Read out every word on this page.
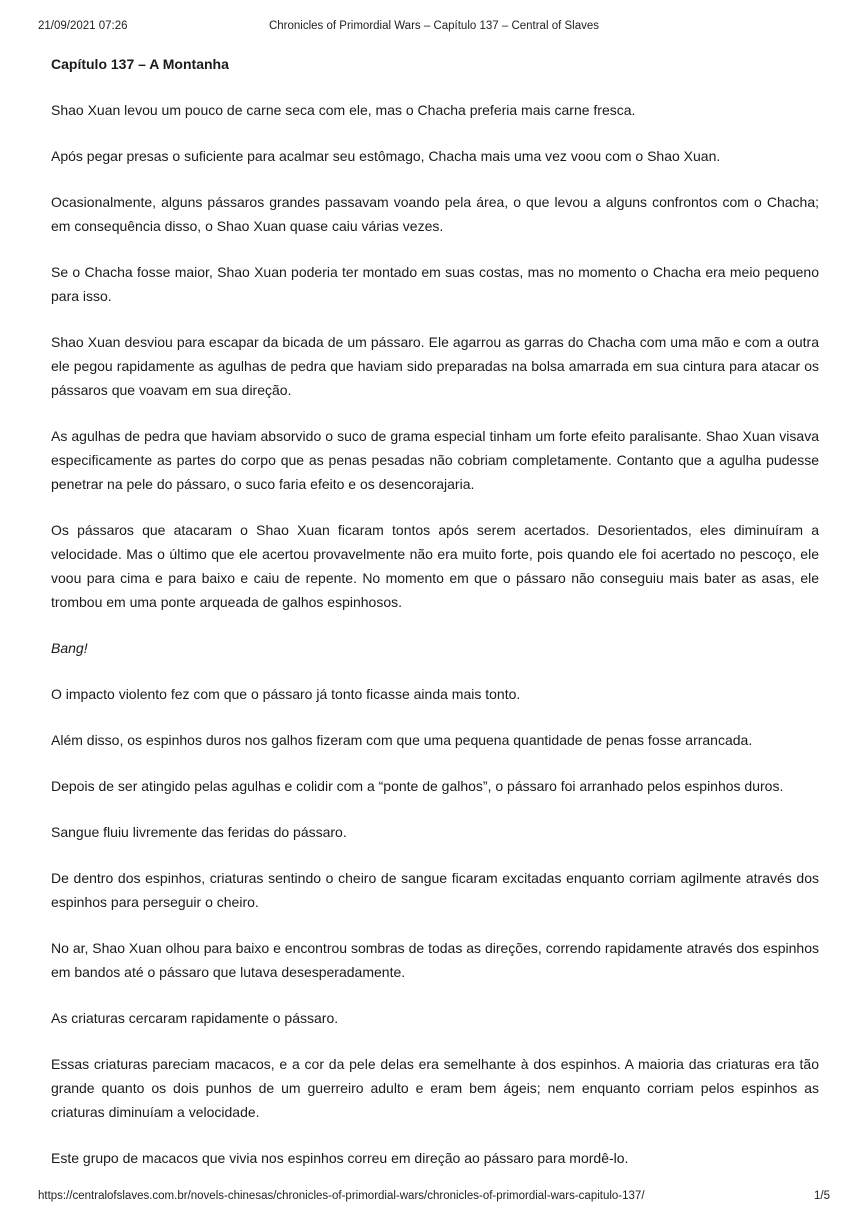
21/09/2021 07:26	Chronicles of Primordial Wars – Capítulo 137 – Central of Slaves
Capítulo 137 – A Montanha

Shao Xuan levou um pouco de carne seca com ele, mas o Chacha preferia mais carne fresca.

Após pegar presas o suficiente para acalmar seu estômago, Chacha mais uma vez voou com o Shao Xuan.

Ocasionalmente, alguns pássaros grandes passavam voando pela área, o que levou a alguns confrontos com o Chacha; em consequência disso, o Shao Xuan quase caiu várias vezes.

Se o Chacha fosse maior, Shao Xuan poderia ter montado em suas costas, mas no momento o Chacha era meio pequeno para isso.

Shao Xuan desviou para escapar da bicada de um pássaro. Ele agarrou as garras do Chacha com uma mão e com a outra ele pegou rapidamente as agulhas de pedra que haviam sido preparadas na bolsa amarrada em sua cintura para atacar os pássaros que voavam em sua direção.

As agulhas de pedra que haviam absorvido o suco de grama especial tinham um forte efeito paralisante. Shao Xuan visava especificamente as partes do corpo que as penas pesadas não cobriam completamente. Contanto que a agulha pudesse penetrar na pele do pássaro, o suco faria efeito e os desencorajaria.

Os pássaros que atacaram o Shao Xuan ficaram tontos após serem acertados. Desorientados, eles diminuíram a velocidade. Mas o último que ele acertou provavelmente não era muito forte, pois quando ele foi acertado no pescoço, ele voou para cima e para baixo e caiu de repente. No momento em que o pássaro não conseguiu mais bater as asas, ele trombou em uma ponte arqueada de galhos espinhosos.

Bang!

O impacto violento fez com que o pássaro já tonto ficasse ainda mais tonto.

Além disso, os espinhos duros nos galhos fizeram com que uma pequena quantidade de penas fosse arrancada.

Depois de ser atingido pelas agulhas e colidir com a “ponte de galhos”, o pássaro foi arranhado pelos espinhos duros.

Sangue fluiu livremente das feridas do pássaro.

De dentro dos espinhos, criaturas sentindo o cheiro de sangue ficaram excitadas enquanto corriam agilmente através dos espinhos para perseguir o cheiro.

No ar, Shao Xuan olhou para baixo e encontrou sombras de todas as direções, correndo rapidamente através dos espinhos em bandos até o pássaro que lutava desesperadamente.

As criaturas cercaram rapidamente o pássaro.

Essas criaturas pareciam macacos, e a cor da pele delas era semelhante à dos espinhos. A maioria das criaturas era tão grande quanto os dois punhos de um guerreiro adulto e eram bem ágeis; nem enquanto corriam pelos espinhos as criaturas diminuíam a velocidade.

Este grupo de macacos que vivia nos espinhos correu em direção ao pássaro para mordê-lo.

https://centralofslaves.com.br/novels-chinesas/chronicles-of-primordial-wars/chronicles-of-primordial-wars-capitulo-137/	1/5
